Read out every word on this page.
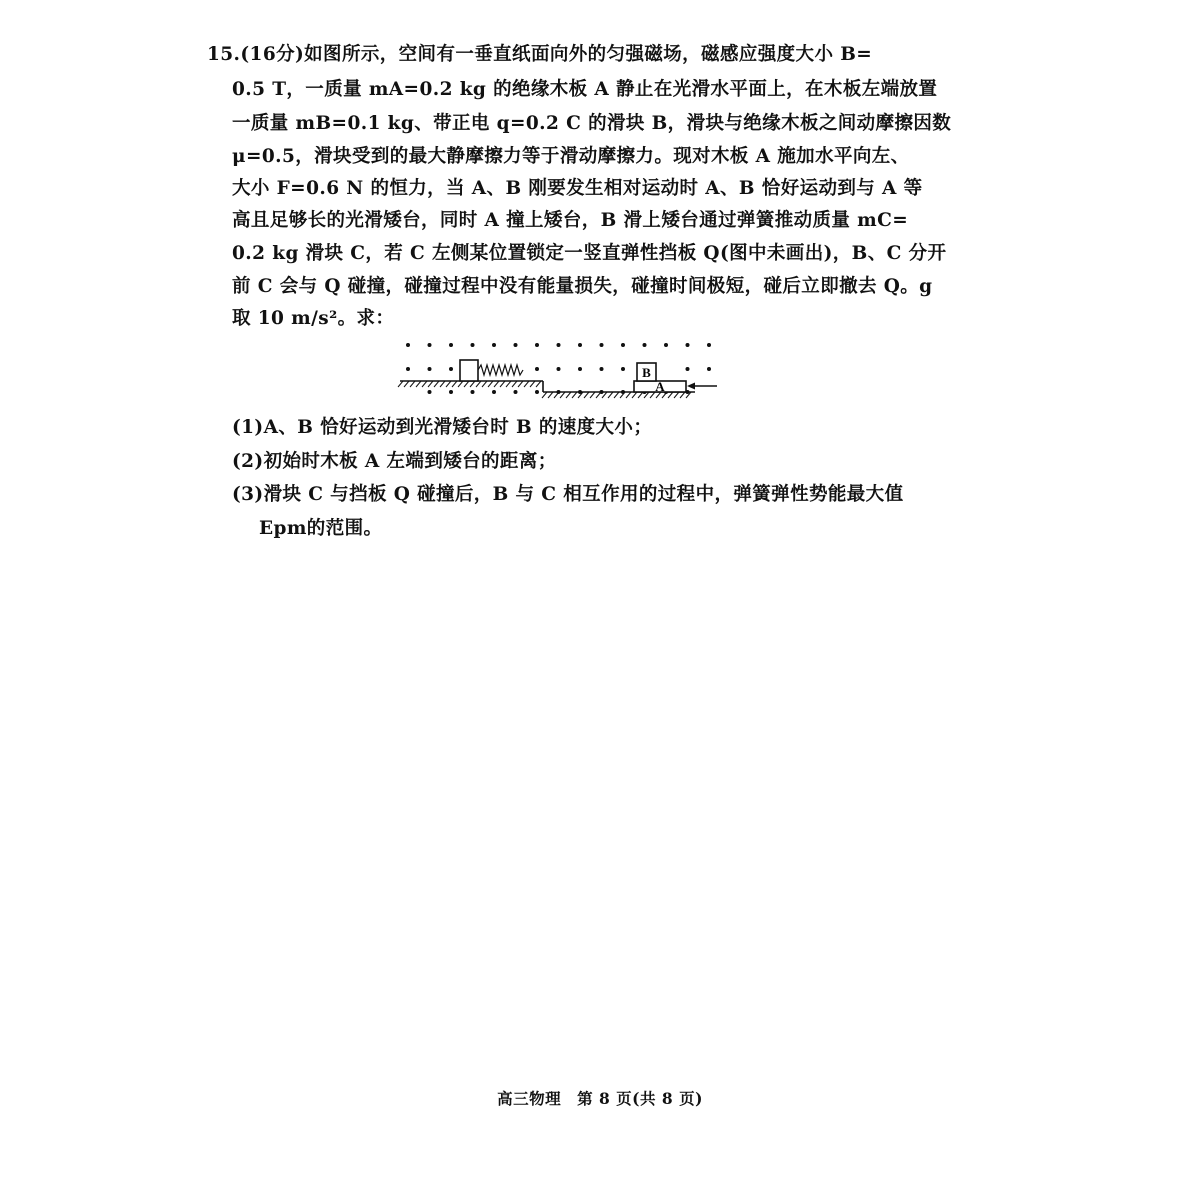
15.(16分)如图所示，空间有一垂直纸面向外的匀强磁场，磁感应强度大小 B=
0.5 T，一质量 mA=0.2 kg 的绝缘木板 A 静止在光滑水平面上，在木板左端放置
一质量 mB=0.1 kg、带正电 q=0.2 C 的滑块 B，滑块与绝缘木板之间动摩擦因数
μ=0.5，滑块受到的最大静摩擦力等于滑动摩擦力。现对木板 A 施加水平向左、
大小 F=0.6 N 的恒力，当 A、B 刚要发生相对运动时 A、B 恰好运动到与 A 等
高且足够长的光滑矮台，同时 A 撞上矮台，B 滑上矮台通过弹簧推动质量 mC=
0.2 kg 滑块 C，若 C 左侧某位置锁定一竖直弹性挡板 Q(图中未画出)，B、C 分开
前 C 会与 Q 碰撞，碰撞过程中没有能量损失，碰撞时间极短，碰后立即撤去 Q。g
取 10 m/s²。求：
B
A
(1)A、B 恰好运动到光滑矮台时 B 的速度大小；
(2)初始时木板 A 左端到矮台的距离；
(3)滑块 C 与挡板 Q 碰撞后，B 与 C 相互作用的过程中，弹簧弹性势能最大值
Epm的范围。
高三物理　第 8 页(共 8 页)
